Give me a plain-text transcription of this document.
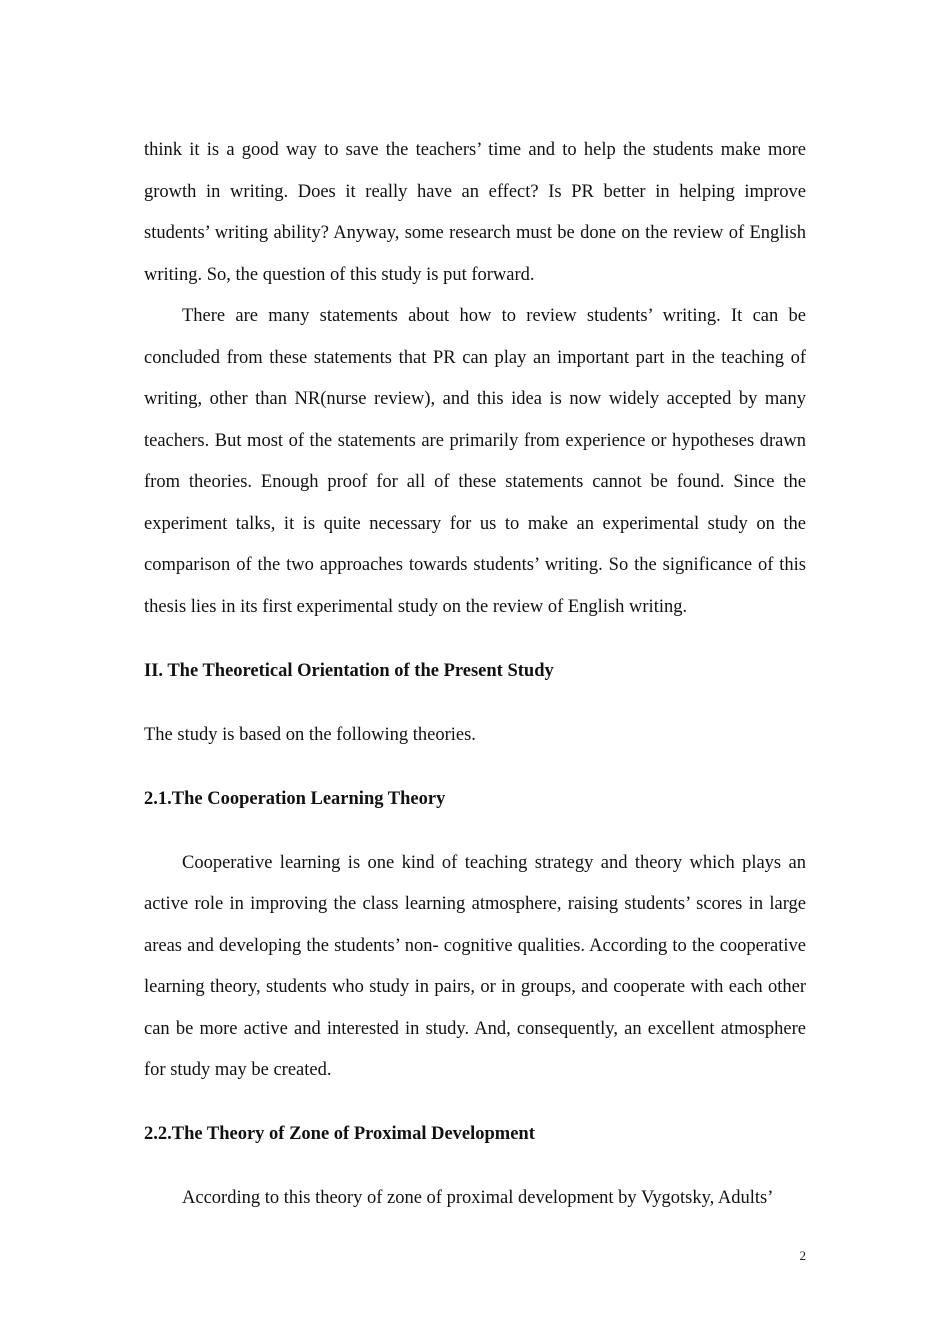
think it is a good way to save the teachers’ time and to help the students make more growth in writing. Does it really have an effect? Is PR better in helping improve students’ writing ability? Anyway, some research must be done on the review of English writing. So, the question of this study is put forward.

There are many statements about how to review students’ writing. It can be concluded from these statements that PR can play an important part in the teaching of writing, other than NR(nurse review), and this idea is now widely accepted by many teachers. But most of the statements are primarily from experience or hypotheses drawn from theories. Enough proof for all of these statements cannot be found. Since the experiment talks, it is quite necessary for us to make an experimental study on the comparison of the two approaches towards students’ writing. So the significance of this thesis lies in its first experimental study on the review of English writing.

II. The Theoretical Orientation of the Present Study

The study is based on the following theories.

2.1.The Cooperation Learning Theory

Cooperative learning is one kind of teaching strategy and theory which plays an active role in improving the class learning atmosphere, raising students’ scores in large areas and developing the students’ non- cognitive qualities. According to the cooperative learning theory, students who study in pairs, or in groups, and cooperate with each other can be more active and interested in study. And, consequently, an excellent atmosphere for study may be created.

2.2.The Theory of Zone of Proximal Development

According to this theory of zone of proximal development by Vygotsky, Adults’

2
